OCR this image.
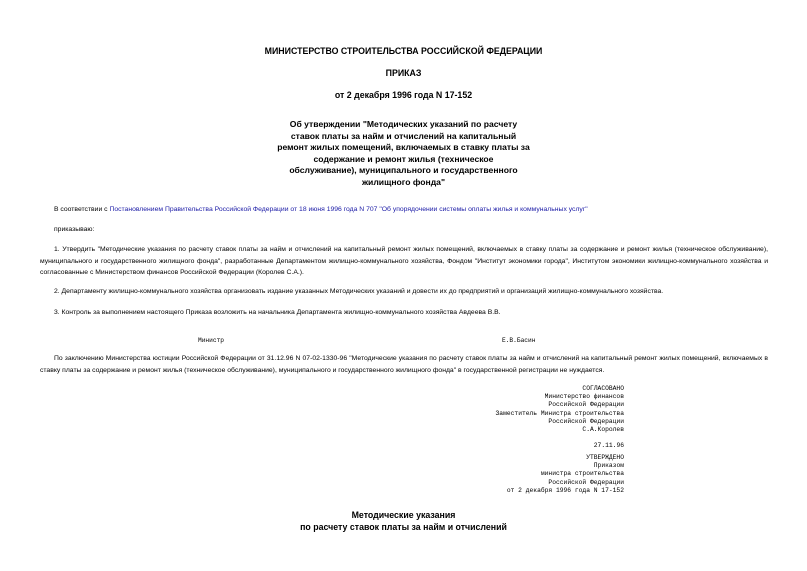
МИНИСТЕРСТВО СТРОИТЕЛЬСТВА РОССИЙСКОЙ ФЕДЕРАЦИИ
ПРИКАЗ
от 2 декабря 1996 года N 17-152
Об утверждении "Методических указаний по расчету
ставок платы за найм и отчислений на капитальный
ремонт жилых помещений, включаемых в ставку платы за
содержание и ремонт жилья (техническое
обслуживание), муниципального и государственного
жилищного фонда"
В соответствии с Постановлением Правительства Российской Федерации от 18 июня 1996 года N 707 "Об упорядочении системы оплаты жилья и коммунальных услуг"
приказываю:
1. Утвердить "Методические указания по расчету ставок платы за найм и отчислений на капитальный ремонт жилых помещений, включаемых в ставку платы за содержание и ремонт жилья (техническое обслуживание), муниципального и государственного жилищного фонда", разработанные Департаментом жилищно-коммунального хозяйства, Фондом "Институт экономики города", Институтом экономики жилищно-коммунального хозяйства и согласованные с Министерством финансов Российской Федерации (Королев С.А.).
2. Департаменту жилищно-коммунального хозяйства организовать издание указанных Методических указаний и довести их до предприятий и организаций жилищно-коммунального хозяйства.
3. Контроль за выполнением настоящего Приказа возложить на начальника Департамента жилищно-коммунального хозяйства Авдеева В.В.
Министр	Е.В.Басин
По заключению Министерства юстиции Российской Федерации от 31.12.96 N 07-02-1330-96 "Методические указания по расчету ставок платы за найм и отчислений на капитальный ремонт жилых помещений, включаемых в ставку платы за содержание и ремонт жилья (техническое обслуживание), муниципального и государственного жилищного фонда" в государственной регистрации не нуждается.
СОГЛАСОВАНО
Министерство финансов
Российской Федерации
Заместитель Министра строительства
Российской Федерации
С.А.Королев

27.11.96
УТВЕРЖДЕНО
Приказом
министра строительства
Российской Федерации
от 2 декабря 1996 года N 17-152
Методические указания
по расчету ставок платы за найм и отчислений
